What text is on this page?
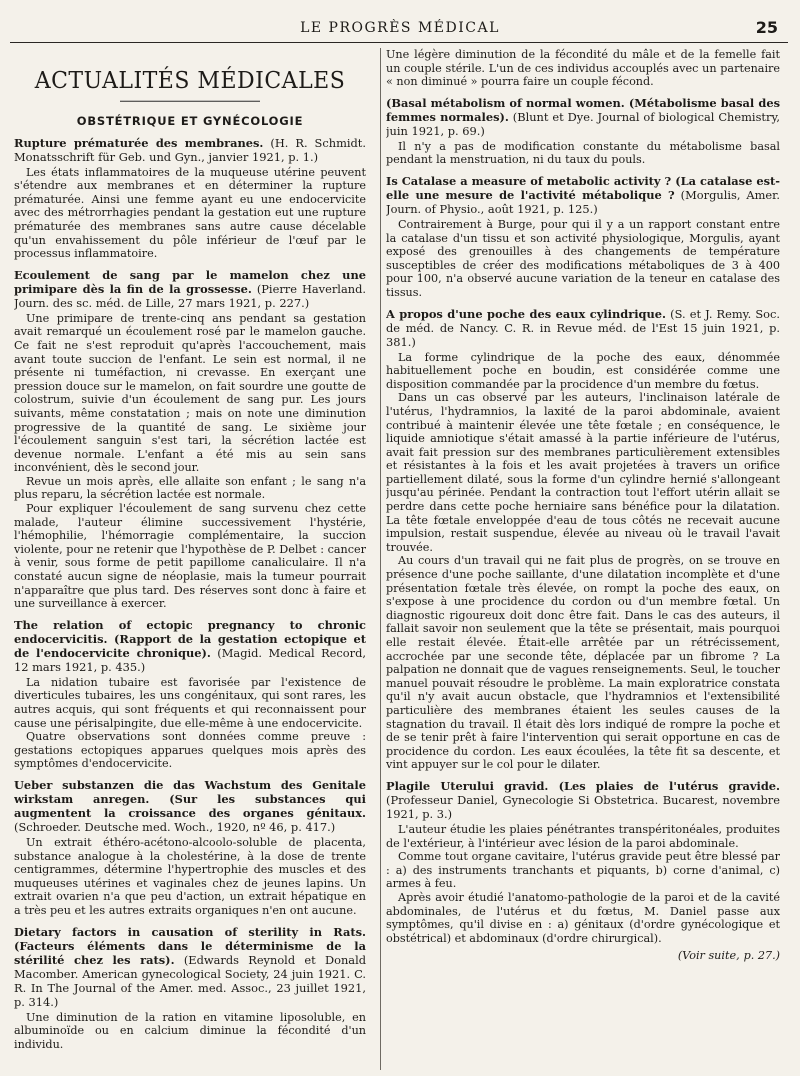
LE PROGRÈS MÉDICAL	25
ACTUALITÉS MÉDICALES
OBSTÉTRIQUE ET GYNÉCOLOGIE
Rupture prématurée des membranes. (H. R. Schmidt. Monatsschrift für Geb. und Gyn., janvier 1921, p. 1.)

Les états inflammatoires de la muqueuse utérine peuvent s'étendre aux membranes et en déterminer la rupture prématurée. Ainsi une femme ayant eu une endocervicite avec des métrorrhagies pendant la gestation eut une rupture prématurée des membranes sans autre cause décelable qu'un envahissement du pôle inférieur de l'œuf par le processus inflammatoire.

Ecoulement de sang par le mamelon chez une primipare dès la fin de la grossesse. (Pierre Haverland. Journ. des sc. méd. de Lille, 27 mars 1921, p. 227.)

Une primipare de trente-cinq ans pendant sa gestation avait remarqué un écoulement rosé par le mamelon gauche. Ce fait ne s'est reproduit qu'après l'accouchement, mais avant toute succion de l'enfant. Le sein est normal, il ne présente ni tuméfaction, ni crevasse. En exerçant une pression douce sur le mamelon, on fait sourdre une goutte de colostrum, suivie d'un écoulement de sang pur. Les jours suivants, même constatation ; mais on note une diminution progressive de la quantité de sang. Le sixième jour l'écoulement sanguin s'est tari, la sécrétion lactée est devenue normale. L'enfant a été mis au sein sans inconvénient, dès le second jour.

Revue un mois après, elle allaite son enfant ; le sang n'a plus reparu, la sécrétion lactée est normale.

Pour expliquer l'écoulement de sang survenu chez cette malade, l'auteur élimine successivement l'hystérie, l'hémophilie, l'hémorragie complémentaire, la succion violente, pour ne retenir que l'hypothèse de P. Delbet : cancer à venir, sous forme de petit papillome canaliculaire. Il n'a constaté aucun signe de néoplasie, mais la tumeur pourrait n'apparaître que plus tard. Des réserves sont donc à faire et une surveillance à exercer.

The relation of ectopic pregnancy to chronic endocervicitis. (Rapport de la gestation ectopique et de l'endocervicite chronique). (Magid. Medical Record, 12 mars 1921, p. 435.)

La nidation tubaire est favorisée par l'existence de diverticules tubaires, les uns congénitaux, qui sont rares, les autres acquis, qui sont fréquents et qui reconnaissent pour cause une périsalpingite, due elle-même à une endocervicite.

Quatre observations sont données comme preuve : gestations ectopiques apparues quelques mois après des symptômes d'endocervicite.

Ueber substanzen die das Wachstum des Genitale wirkstam anregen. (Sur les substances qui augmentent la croissance des organes génitaux. (Schroeder. Deutsche med. Woch., 1920, nº 46, p. 417.)

Un extrait éthéro-acétono-alcoolo-soluble de placenta, substance analogue à la cholestérine, à la dose de trente centigrammes, détermine l'hypertrophie des muscles et des muqueuses utérines et vaginales chez de jeunes lapins. Un extrait ovarien n'a que peu d'action, un extrait hépatique en a très peu et les autres extraits organiques n'en ont aucune.

Dietary factors in causation of sterility in Rats. (Facteurs éléments dans le déterminisme de la stérilité chez les rats). (Edwards Reynold et Donald Macomber. American gynecological Society, 24 juin 1921. C. R. In The Journal of the Amer. med. Assoc., 23 juillet 1921, p. 314.)

Une diminution de la ration en vitamine liposoluble, en albuminoïde ou en calcium diminue la fécondité d'un individu.

Une légère diminution de la fécondité du mâle et de la femelle fait un couple stérile. L'un de ces individus accouplés avec un partenaire « non diminué » pourra faire un couple fécond.

(Basal métabolism of normal women. (Métabolisme basal des femmes normales). (Blunt et Dye. Journal of biological Chemistry, juin 1921, p. 69.)

Il n'y a pas de modification constante du métabolisme basal pendant la menstruation, ni du taux du pouls.

Is Catalase a measure of metabolic activity ? (La catalase est-elle une mesure de l'activité métabolique ? (Morgulis, Amer. Journ. of Physio., août 1921, p. 125.)

Contrairement à Burge, pour qui il y a un rapport constant entre la catalase d'un tissu et son activité physiologique, Morgulis, ayant exposé des grenouilles à des changements de température susceptibles de créer des modifications métaboliques de 3 à 400 pour 100, n'a observé aucune variation de la teneur en catalase des tissus.

A propos d'une poche des eaux cylindrique. (S. et J. Remy. Soc. de méd. de Nancy. C. R. in Revue méd. de l'Est 15 juin 1921, p. 381.)

La forme cylindrique de la poche des eaux, dénommée habituellement poche en boudin, est considérée comme une disposition commandée par la procidence d'un membre du fœtus.

Dans un cas observé par les auteurs, l'inclinaison latérale de l'utérus, l'hydramnios, la laxité de la paroi abdominale, avaient contribué à maintenir élevée une tête fœtale ; en conséquence, le liquide amniotique s'était amassé à la partie inférieure de l'utérus, avait fait pression sur des membranes particulièrement extensibles et résistantes à la fois et les avait projetées à travers un orifice partiellement dilaté, sous la forme d'un cylindre hernié s'allongeant jusqu'au périnée. Pendant la contraction tout l'effort utérin allait se perdre dans cette poche herniaire sans bénéfice pour la dilatation. La tête fœtale enveloppée d'eau de tous côtés ne recevait aucune impulsion, restait suspendue, élevée au niveau où le travail l'avait trouvée.

Au cours d'un travail qui ne fait plus de progrès, on se trouve en présence d'une poche saillante, d'une dilatation incomplète et d'une présentation fœtale très élevée, on rompt la poche des eaux, on s'expose à une procidence du cordon ou d'un membre fœtal. Un diagnostic rigoureux doit donc être fait. Dans le cas des auteurs, il fallait savoir non seulement que la tête se présentait, mais pourquoi elle restait élevée. Était-elle arrêtée par un rétrécissement, accrochée par une seconde tête, déplacée par un fibrome ? La palpation ne donnait que de vagues renseignements. Seul, le toucher manuel pouvait résoudre le problème. La main exploratrice constata qu'il n'y avait aucun obstacle, que l'hydramnios et l'extensibilité particulière des membranes étaient les seules causes de la stagnation du travail. Il était dès lors indiqué de rompre la poche et de se tenir prêt à faire l'intervention qui serait opportune en cas de procidence du cordon. Les eaux écoulées, la tête fit sa descente, et vint appuyer sur le col pour le dilater.

Plagile Uterului gravid. (Les plaies de l'utérus gravide. (Professeur Daniel, Gynecologie Si Obstetrica. Bucarest, novembre 1921, p. 3.)

L'auteur étudie les plaies pénétrantes transpéritonéales, produites de l'extérieur, à l'intérieur avec lésion de la paroi abdominale.

Comme tout organe cavitaire, l'utérus gravide peut être blessé par : a) des instruments tranchants et piquants, b) corne d'animal, c) armes à feu.

Après avoir étudié l'anatomo-pathologie de la paroi et de la cavité abdominales, de l'utérus et du fœtus, M. Daniel passe aux symptômes, qu'il divise en : a) génitaux (d'ordre gynécologique et obstétrical) et abdominaux (d'ordre chirurgical).

(Voir suite, p. 27.)
